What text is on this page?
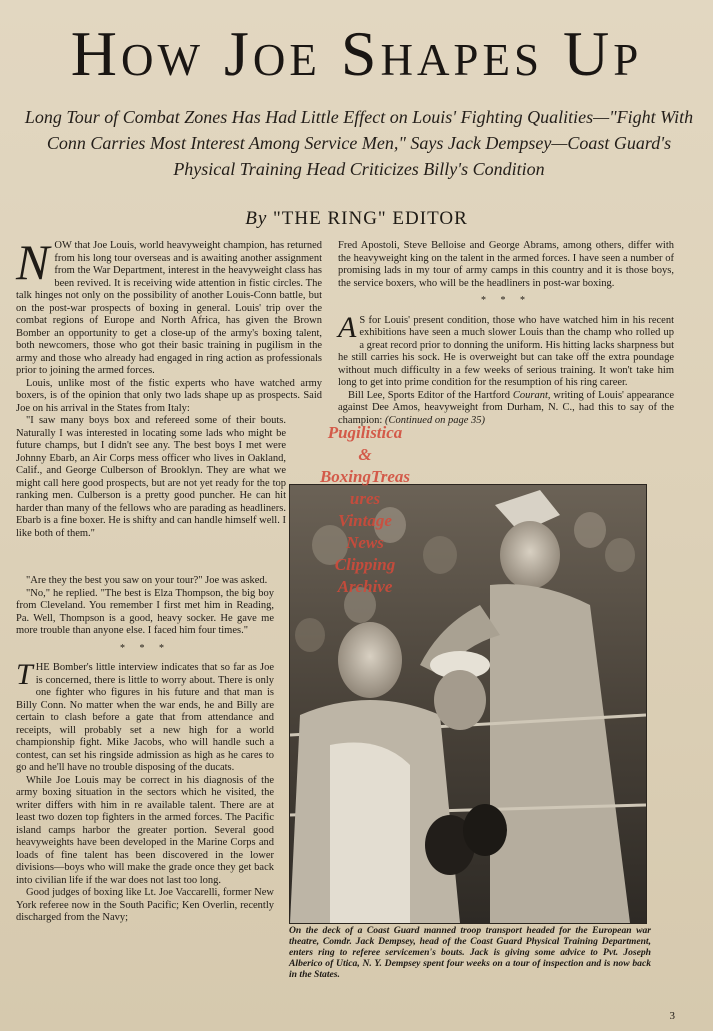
How Joe Shapes Up

Long Tour of Combat Zones Has Had Little Effect on Louis' Fighting Qualities—"Fight With Conn Carries Most Interest Among Service Men," Says Jack Dempsey—Coast Guard's Physical Training Head Criticizes Billy's Condition

By "THE RING" EDITOR

NOW that Joe Louis, world heavyweight champion, has returned from his long tour overseas and is awaiting another assignment from the War Department, interest in the heavyweight class has been revived. It is receiving wide attention in fistic circles. The talk hinges not only on the possibility of another Louis-Conn battle, but on the post-war prospects of boxing in general. Louis' trip over the combat regions of Europe and North Africa, has given the Brown Bomber an opportunity to get a close-up of the army's boxing talent, both newcomers, those who got their basic training in pugilism in the army and those who already had engaged in ring action as professionals prior to joining the armed forces.

Louis, unlike most of the fistic experts who have watched army boxers, is of the opinion that only two lads shape up as prospects. Said Joe on his arrival in the States from Italy:

"I saw many boys box and refereed some of their bouts. Naturally I was interested in locating some lads who might be future champs, but I didn't see any. The best boys I met were Johnny Ebarb, an Air Corps mess officer who lives in Oakland, Calif., and George Culberson of Brooklyn. They are what we might call here good prospects, but are not yet ready for the top ranking men. Culberson is a pretty good puncher. He can hit harder than many of the fellows who are parading as headliners. Ebarb is a fine boxer. He is shifty and can handle himself well. I like both of them."

"Are they the best you saw on your tour?" Joe was asked.

"No," he replied. "The best is Elza Thompson, the big boy from Cleveland. You remember I first met him in Reading, Pa. Well, Thompson is a good, heavy socker. He gave me more trouble than anyone else. I faced him four times."

* * *

THE Bomber's little interview indicates that so far as Joe is concerned, there is little to worry about. There is only one fighter who figures in his future and that man is Billy Conn. No matter when the war ends, he and Billy are certain to clash before a gate that from attendance and receipts, will probably set a new high for a world championship fight. Mike Jacobs, who will handle such a contest, can set his ringside admission as high as he cares to go and he'll have no trouble disposing of the ducats.

While Joe Louis may be correct in his diagnosis of the army boxing situation in the sectors which he visited, the writer differs with him in re available talent. There are at least two dozen top fighters in the armed forces. The Pacific island camps harbor the greater portion. Several good heavyweights have been developed in the Marine Corps and loads of fine talent has been discovered in the lower divisions—boys who will make the grade once they get back into civilian life if the war does not last too long.

Good judges of boxing like Lt. Joe Vaccarelli, former New York referee now in the South Pacific; Ken Overlin, recently discharged from the Navy;

Fred Apostoli, Steve Belloise and George Abrams, among others, differ with the heavyweight king on the talent in the armed forces. I have seen a number of promising lads in my tour of army camps in this country and it is those boys, the service boxers, who will be the headliners in post-war boxing.

* * *

A S for Louis' present condition, those who have watched him in his recent exhibitions have seen a much slower Louis than the champ who rolled up a great record prior to donning the uniform. His hitting lacks sharpness but he still carries his sock. He is overweight but can take off the extra poundage without much difficulty in a few weeks of serious training. It won't take him long to get into prime condition for the resumption of his ring career.

Bill Lee, Sports Editor of the Hartford Courant, writing of Louis' appearance against Dee Amos, heavyweight from Durham, N. C., had this to say of the champion: (Continued on page 35)

Pugilistica
&
BoxingTreas
ures
Vintage
News
Clipping
Archive
On the deck of a Coast Guard manned troop transport headed for the European war theatre, Comdr. Jack Dempsey, head of the Coast Guard Physical Training Department, enters ring to referee servicemen's bouts. Jack is giving some advice to Pvt. Joseph Alberico of Utica, N. Y. Dempsey spent four weeks on a tour of inspection and is now back in the States.
3
